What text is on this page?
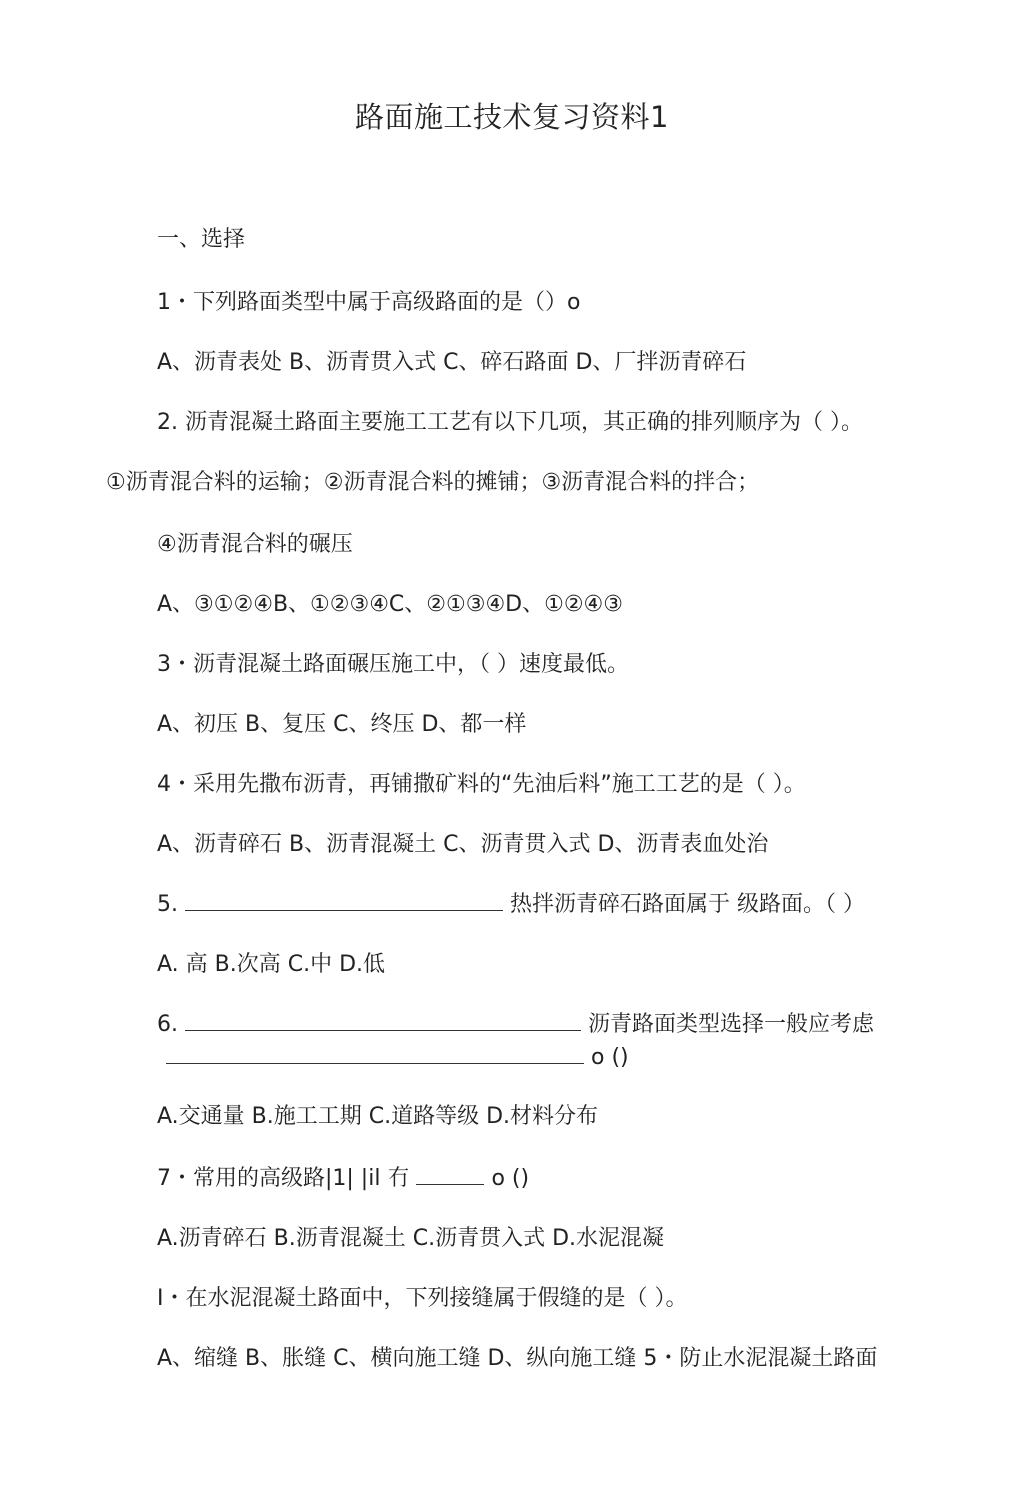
路面施工技术复习资料1
一、选择
1・下列路面类型中属于高级路面的是（）o
A、沥青表处 B、沥青贯入式 C、碎石路面 D、厂拌沥青碎石
2. 沥青混凝土路面主要施工工艺有以下几项，其正确的排列顺序为（ ）。
①沥青混合料的运输；②沥青混合料的摊铺；③沥青混合料的拌合；
④沥青混合料的碾压
A、③①②④B、①②③④C、②①③④D、①②④③
3・沥青混凝土路面碾压施工中，（ ）速度最低。
A、初压 B、复压 C、终压 D、都一样
4・采用先撒布沥青，再铺撒矿料的“先油后料”施工工艺的是（ ）。
A、沥青碎石 B、沥青混凝土 C、沥青贯入式 D、沥青表血处治
5.	热拌沥青碎石路面属于 级路面。（ ）
A. 高 B.次高 C.中 D.低
6.	沥青路面类型选择一般应考虑
o ()
A.交通量 B.施工工期 C.道路等级 D.材料分布
7・常用的高级路|1| |il 冇	o ()
A.沥青碎石 B.沥青混凝土 C.沥青贯入式 D.水泥混凝
I・在水泥混凝土路面中，下列接缝属于假缝的是（ ）。
A、缩缝 B、胀缝 C、横向施工缝 D、纵向施工缝 5・防止水泥混凝土路面
